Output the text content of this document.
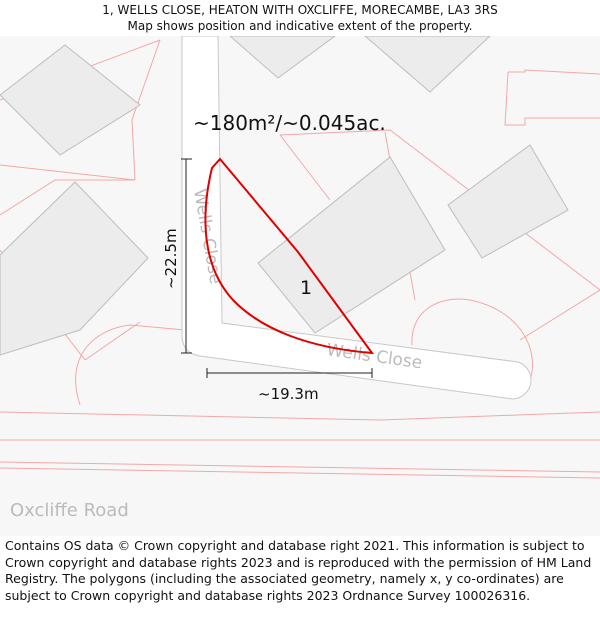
1, WELLS CLOSE, HEATON WITH OXCLIFFE, MORECAMBE, LA3 3RS
Map shows position and indicative extent of the property.
Wells Close
Wells Close
Oxcliffe Road
1
~180m²/~0.045ac.
~22.5m
~19.3m
Contains OS data © Crown copyright and database right 2021. This information is subject to Crown copyright and database rights 2023 and is reproduced with the permission of HM Land Registry. The polygons (including the associated geometry, namely x, y co-ordinates) are subject to Crown copyright and database rights 2023 Ordnance Survey 100026316.
